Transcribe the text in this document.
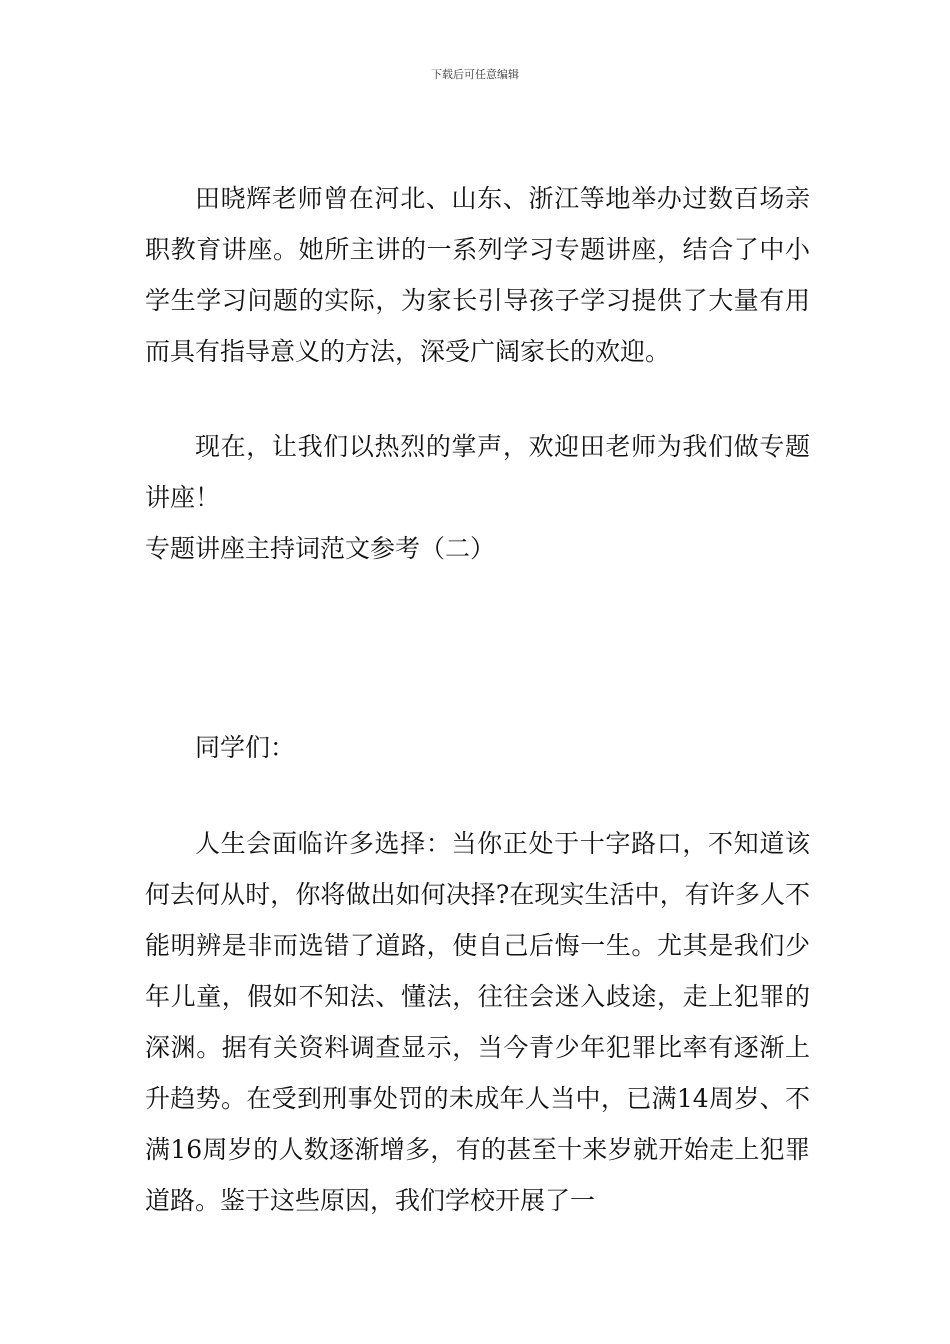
下载后可任意编辑

田晓辉老师曾在河北、山东、浙江等地举办过数百场亲职教育讲座。她所主讲的一系列学习专题讲座，结合了中小学生学习问题的实际，为家长引导孩子学习提供了大量有用而具有指导意义的方法，深受广阔家长的欢迎。

现在，让我们以热烈的掌声，欢迎田老师为我们做专题讲座！

专题讲座主持词范文参考（二）

同学们：

人生会面临许多选择：当你正处于十字路口，不知道该何去何从时，你将做出如何决择?在现实生活中，有许多人不能明辨是非而选错了道路，使自己后悔一生。尤其是我们少年儿童，假如不知法、懂法，往往会迷入歧途，走上犯罪的深渊。据有关资料调查显示，当今青少年犯罪比率有逐渐上升趋势。在受到刑事处罚的未成年人当中，已满14周岁、不满16周岁的人数逐渐增多，有的甚至十来岁就开始走上犯罪道路。鉴于这些原因，我们学校开展了一
